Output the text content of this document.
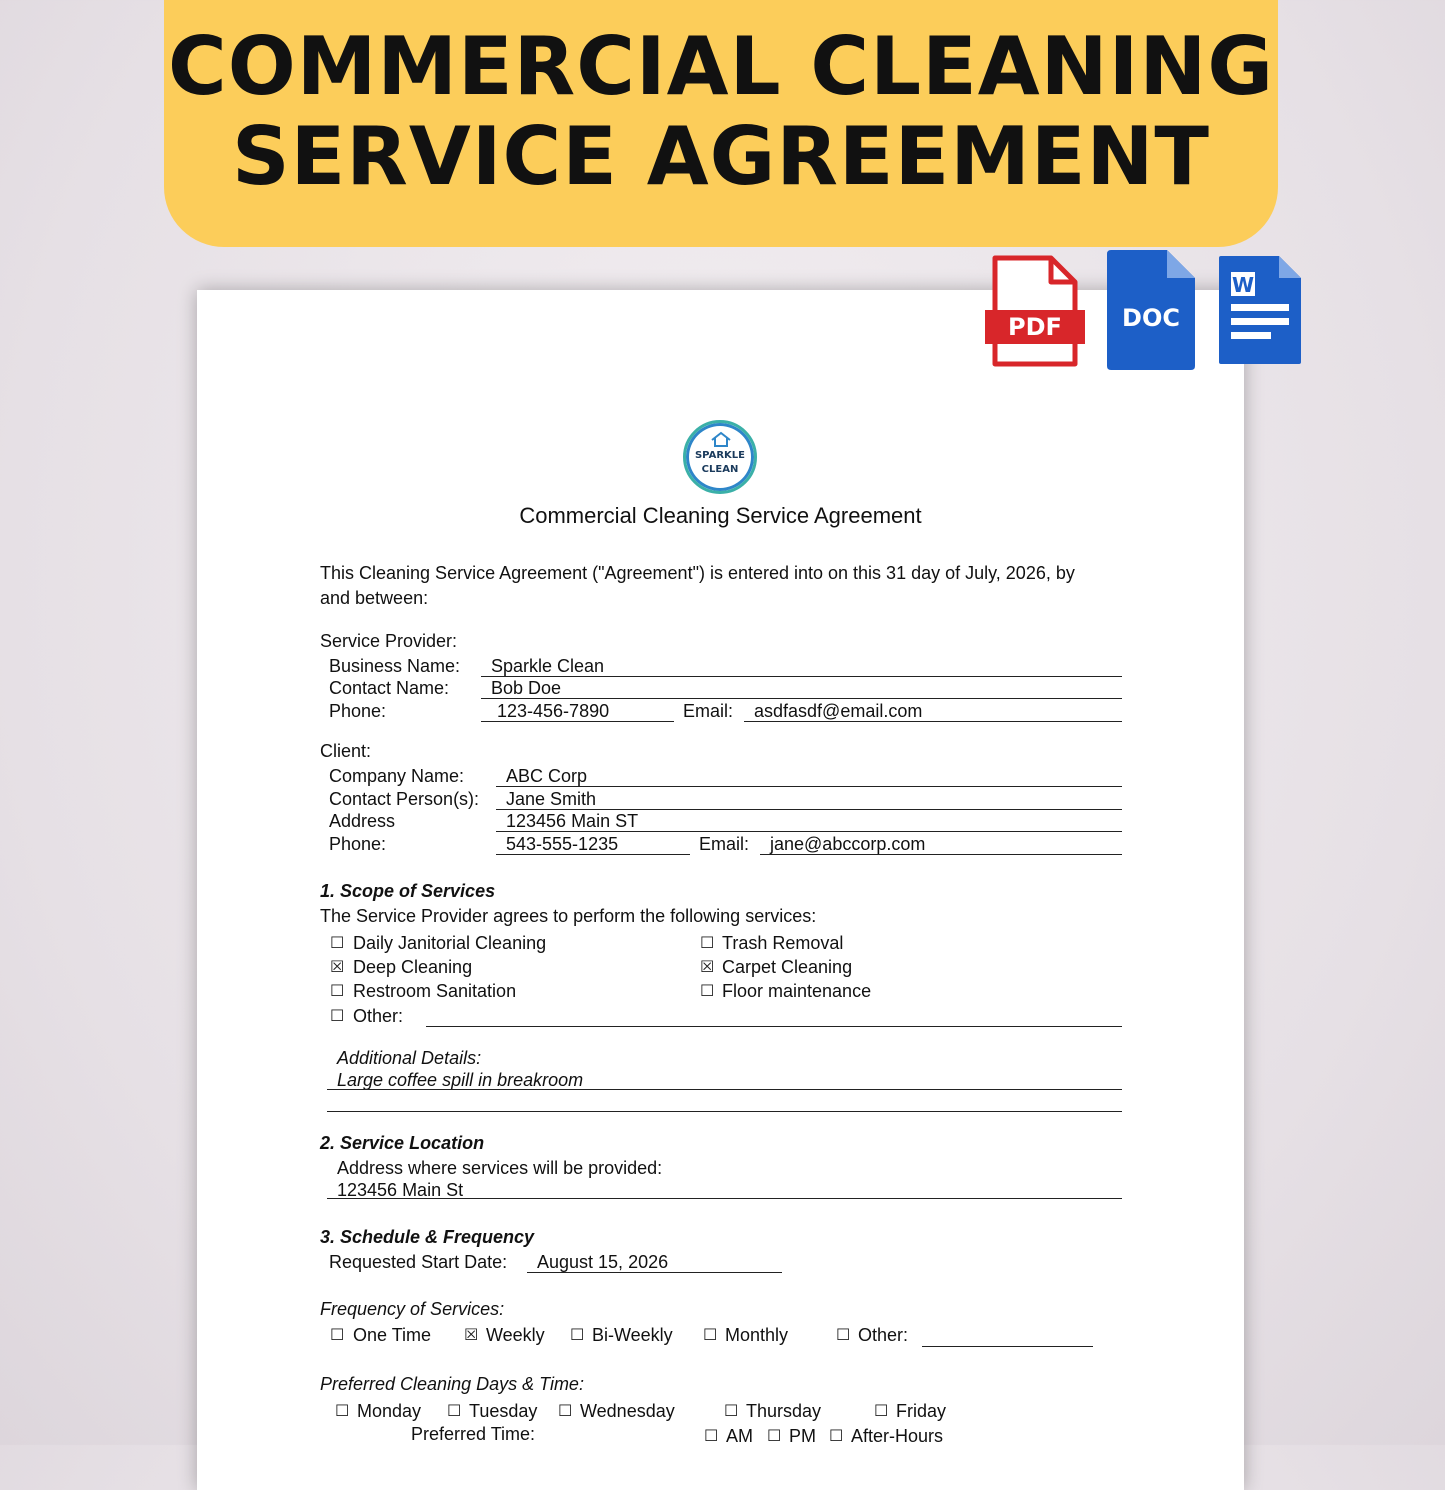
COMMERCIAL CLEANING
SERVICE AGREEMENT
PDF	DOC
W
SPARKLE
CLEAN
Commercial Cleaning Service Agreement
This Cleaning Service Agreement ("Agreement") is entered into on this 31 day of July, 2026, by
and between:
Service Provider:
Business Name: Sparkle Clean
Contact Name: Bob Doe
Phone:	123-456-7890	Email: asdfasdf@email.com
Client:
Company Name: ABC Corp
Contact Person(s): Jane Smith
Address	123456 Main ST
Phone:	543-555-1235	Email: jane@abccorp.com
1. Scope of Services
The Service Provider agrees to perform the following services:
☐ Daily Janitorial Cleaning	☐ Trash Removal
☒ Deep Cleaning	☒ Carpet Cleaning
☐ Restroom Sanitation	☐ Floor maintenance
☐ Other:
Additional Details:
Large coffee spill in breakroom
2. Service Location
Address where services will be provided:
123456 Main St
3. Schedule & Frequency
Requested Start Date: August 15, 2026
Frequency of Services:
☐ One Time ☒ Weekly ☐ Bi-Weekly ☐ Monthly	☐ Other:
Preferred Cleaning Days & Time:
☐ Monday ☐ Tuesday ☐ Wednesday	☐ Thursday	☐ Friday
Preferred Time:	☐ AM ☐ PM ☐ After-Hours
